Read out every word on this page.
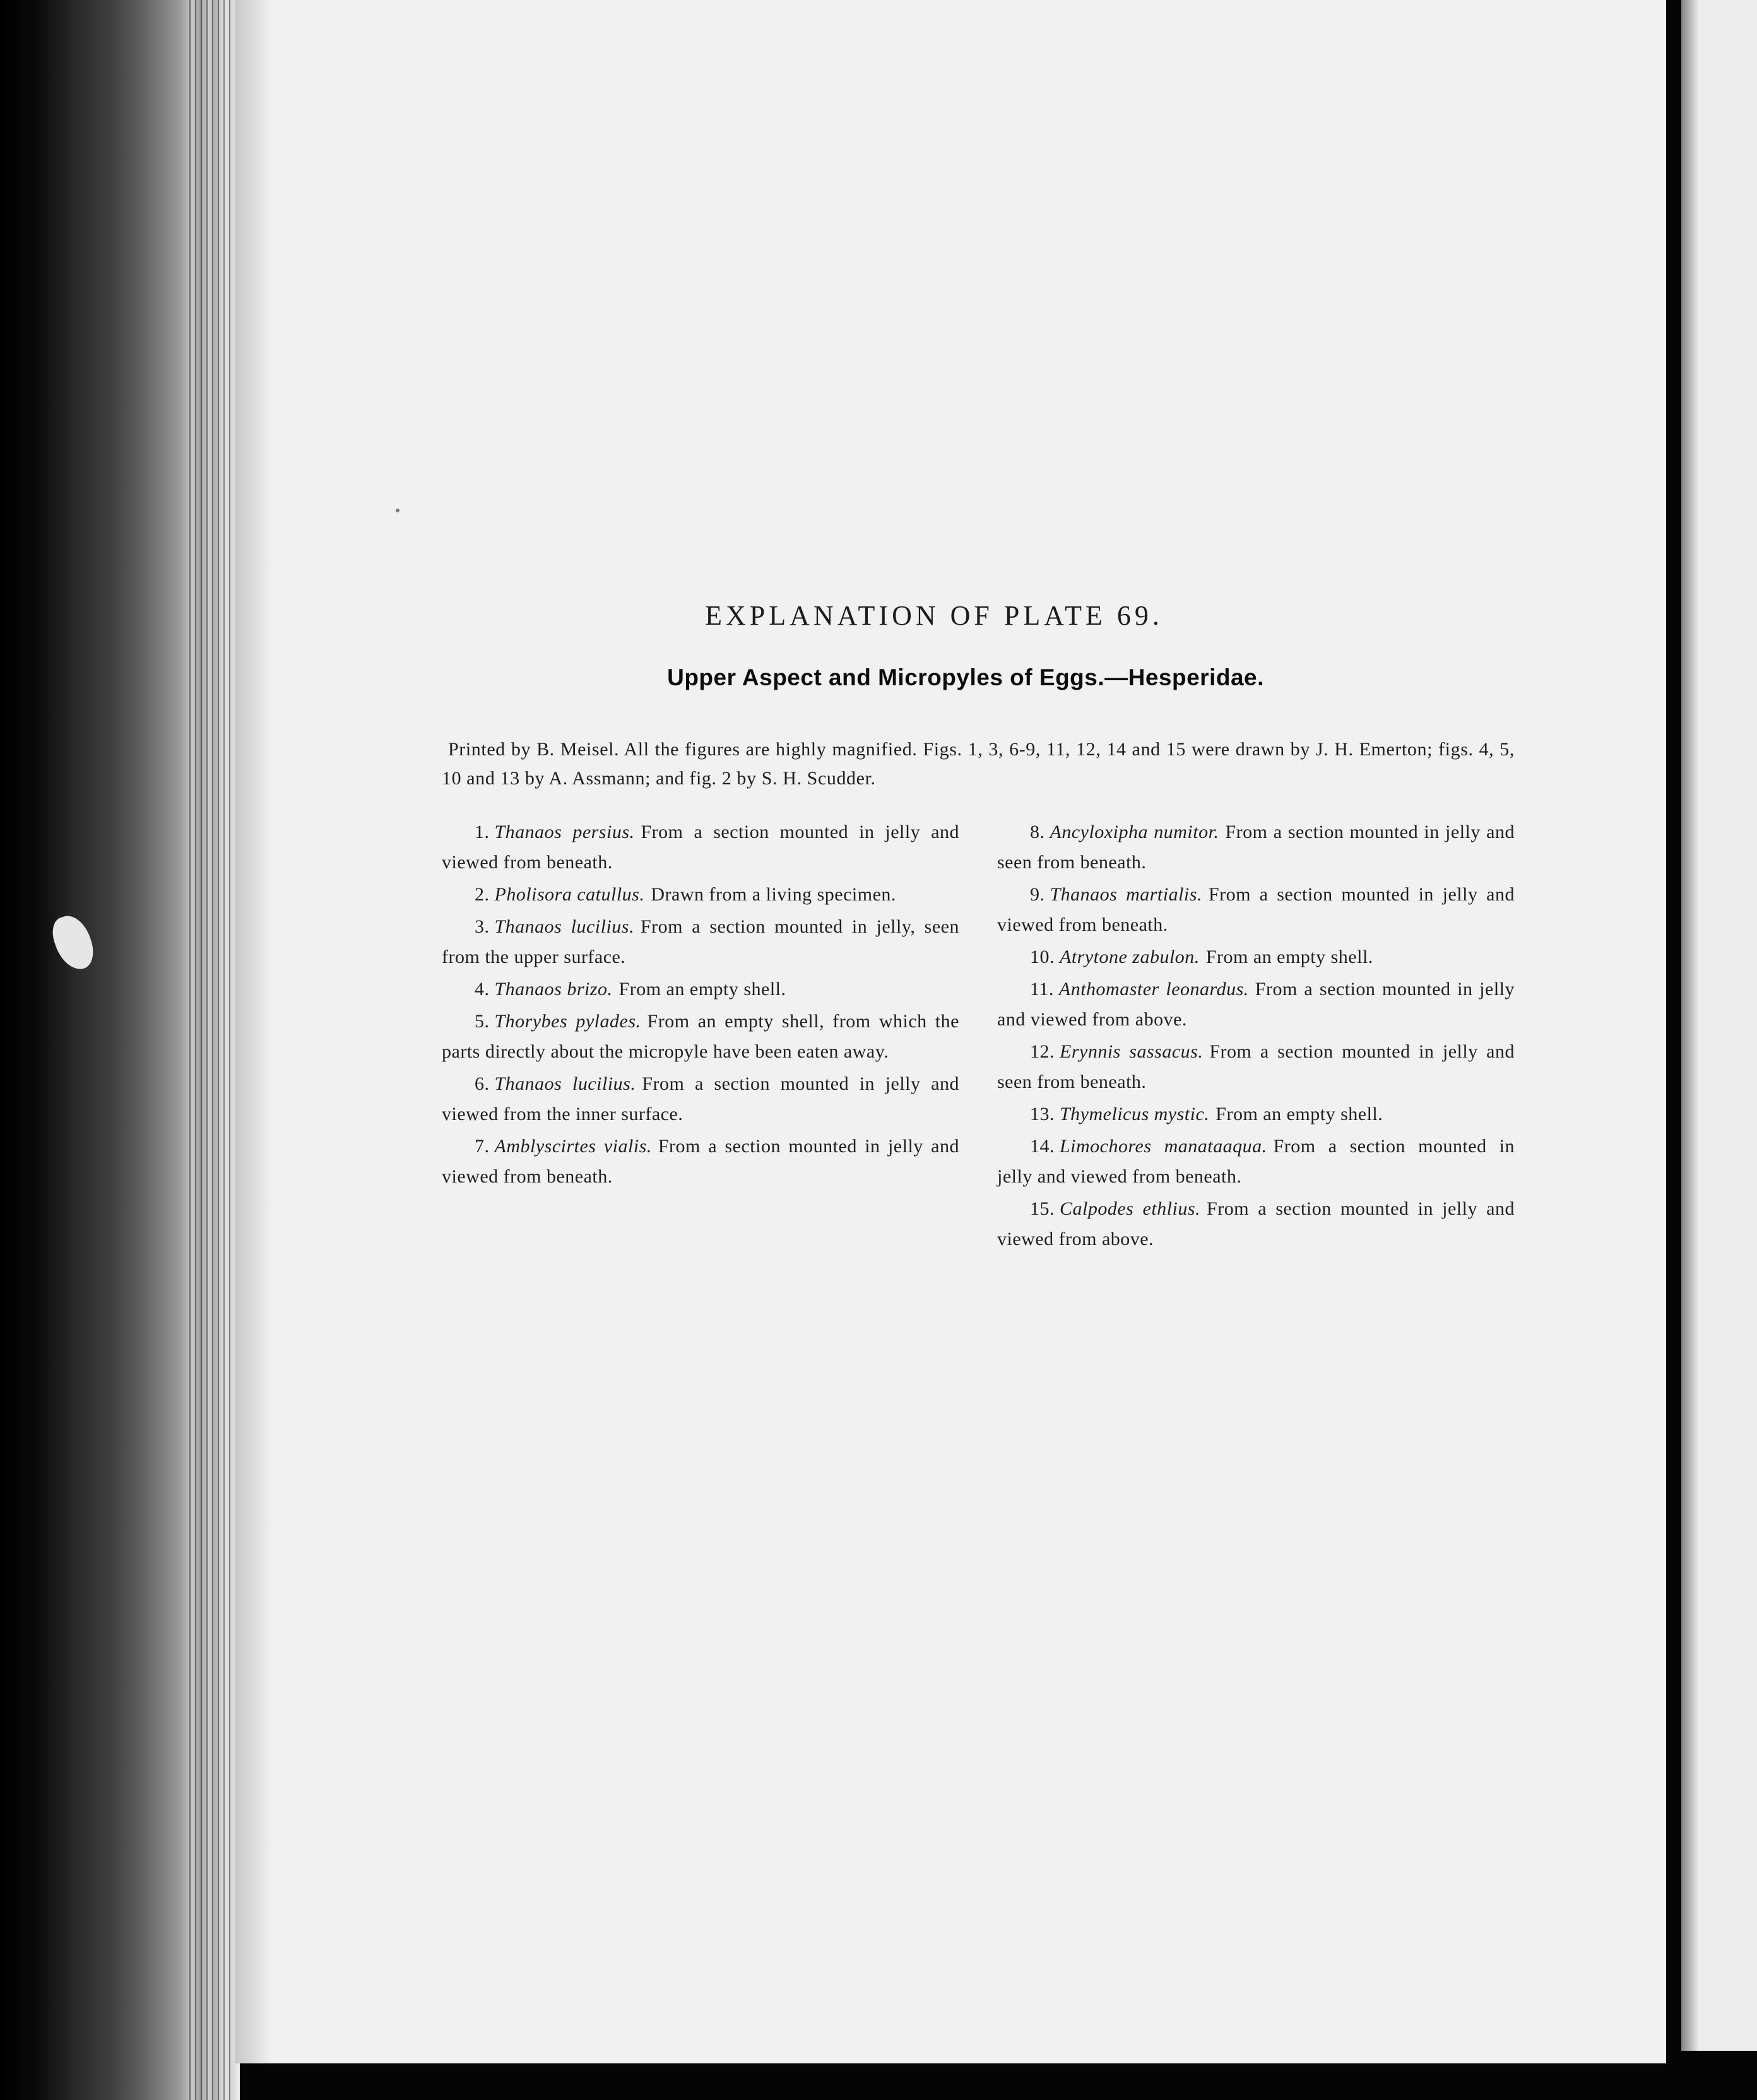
EXPLANATION OF PLATE 69.
Upper Aspect and Micropyles of Eggs.—Hesperidae.
Printed by B. Meisel. All the figures are highly magnified. Figs. 1, 3, 6-9, 11, 12, 14 and 15 were drawn by J. H. Emerton; figs. 4, 5, 10 and 13 by A. Assmann; and fig. 2 by S. H. Scudder.
1. Thanaos persius. From a section mounted in jelly and viewed from beneath.
2. Pholisora catullus. Drawn from a living specimen.
3. Thanaos lucilius. From a section mounted in jelly, seen from the upper surface.
4. Thanaos brizo. From an empty shell.
5. Thorybes pylades. From an empty shell, from which the parts directly about the micropyle have been eaten away.
6. Thanaos lucilius. From a section mounted in jelly and viewed from the inner surface.
7. Amblyscirtes vialis. From a section mounted in jelly and viewed from beneath.
8. Ancyloxipha numitor. From a section mounted in jelly and seen from beneath.
9. Thanaos martialis. From a section mounted in jelly and viewed from beneath.
10. Atrytone zabulon. From an empty shell.
11. Anthomaster leonardus. From a section mounted in jelly and viewed from above.
12. Erynnis sassacus. From a section mounted in jelly and seen from beneath.
13. Thymelicus mystic. From an empty shell.
14. Limochores manataaqua. From a section mounted in jelly and viewed from beneath.
15. Calpodes ethlius. From a section mounted in jelly and viewed from above.
